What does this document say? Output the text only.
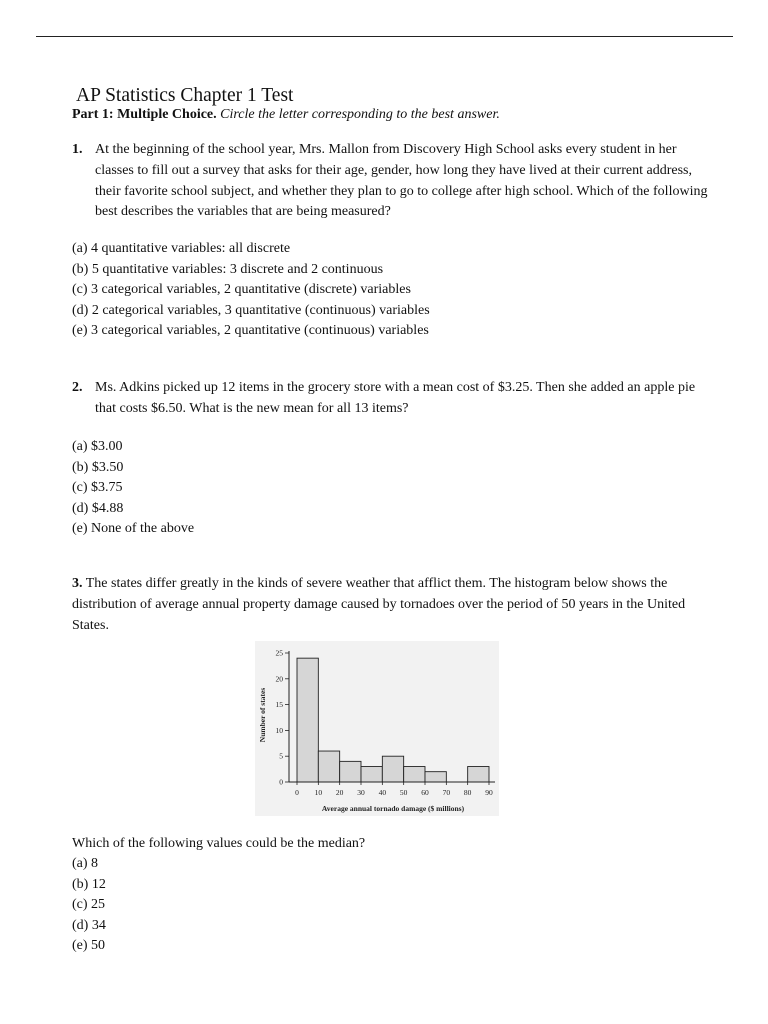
AP Statistics Chapter 1 Test
Part 1: Multiple Choice. Circle the letter corresponding to the best answer.
1. At the beginning of the school year, Mrs. Mallon from Discovery High School asks every student in her classes to fill out a survey that asks for their age, gender, how long they have lived at their current address, their favorite school subject, and whether they plan to go to college after high school. Which of the following best describes the variables that are being measured?
(a) 4 quantitative variables: all discrete
(b) 5 quantitative variables: 3 discrete and 2 continuous
(c) 3 categorical variables, 2 quantitative (discrete) variables
(d) 2 categorical variables, 3 quantitative (continuous) variables
(e) 3 categorical variables, 2 quantitative (continuous) variables
2. Ms. Adkins picked up 12 items in the grocery store with a mean cost of $3.25. Then she added an apple pie that costs $6.50. What is the new mean for all 13 items?
(a) $3.00
(b) $3.50
(c) $3.75
(d) $4.88
(e) None of the above
3. The states differ greatly in the kinds of severe weather that afflict them. The histogram below shows the distribution of average annual property damage caused by tornadoes over the period of 50 years in the United States.
0
5
10
15
20
25
0 10 20 30 40 50 60 70 80 90
Number of states
Average annual tornado damage ($ millions)
Which of the following values could be the median?
(a) 8
(b) 12
(c) 25
(d) 34
(e) 50
